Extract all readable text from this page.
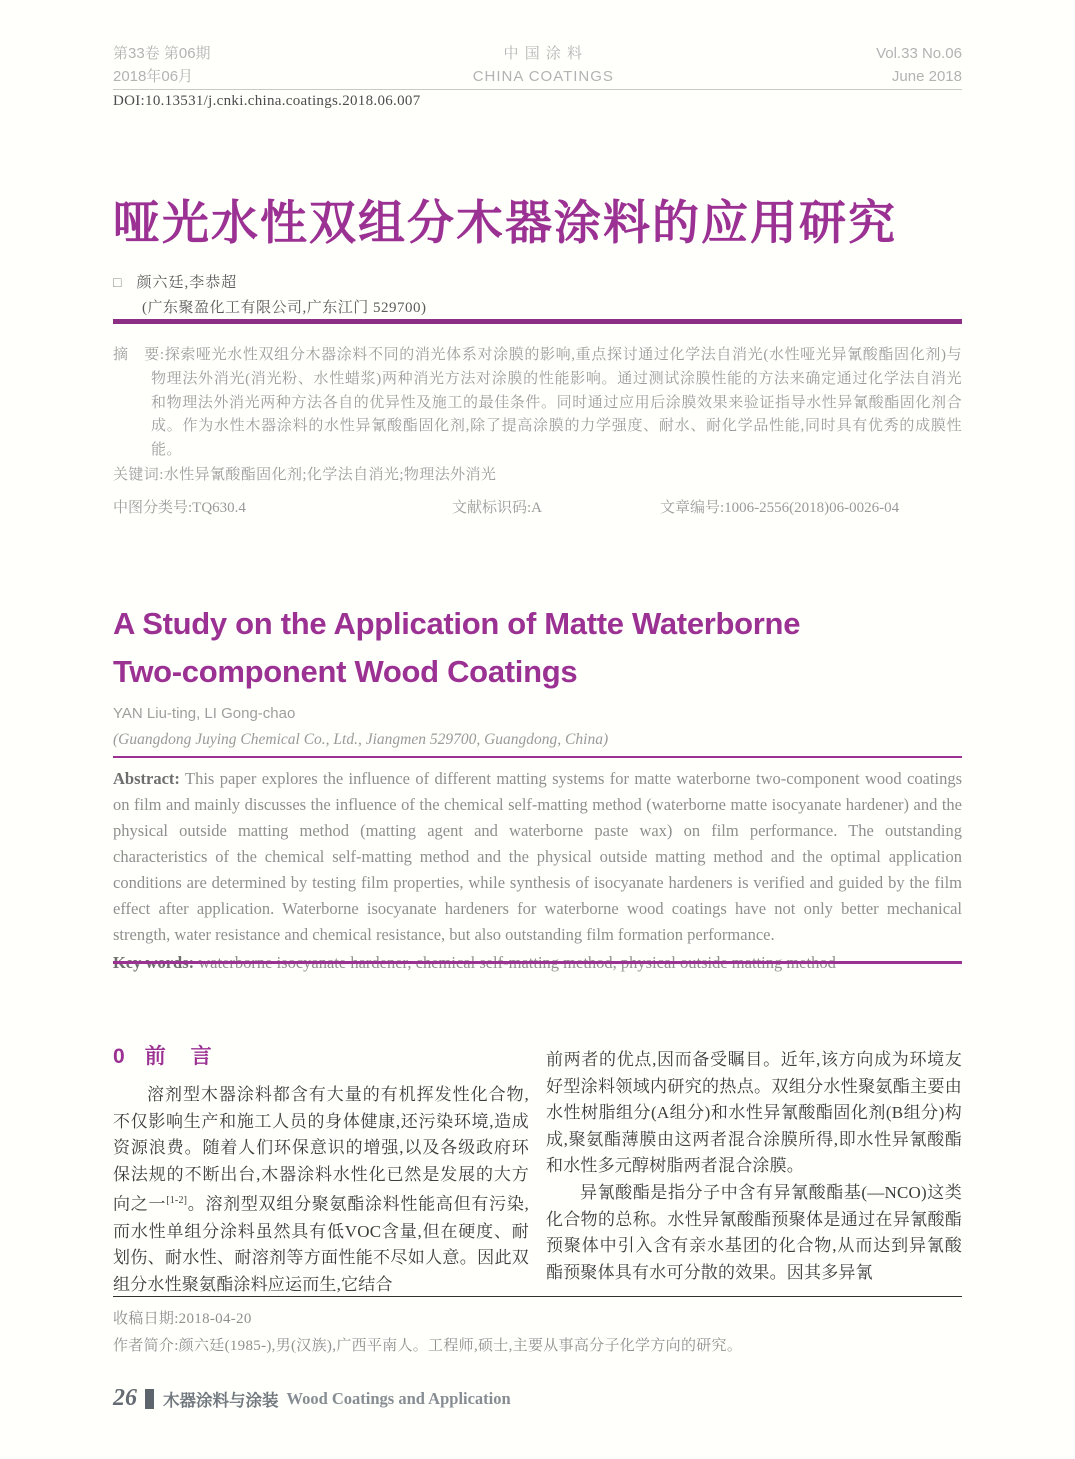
第33卷 第06期
2018年06月
中 国 涂 料
CHINA COATINGS
Vol.33 No.06
June 2018
DOI:10.13531/j.cnki.china.coatings.2018.06.007
哑光水性双组分木器涂料的应用研究
□ 颜六廷,李恭超
(广东聚盈化工有限公司,广东江门 529700)
摘　要:探索哑光水性双组分木器涂料不同的消光体系对涂膜的影响,重点探讨通过化学法自消光(水性哑光异氰酸酯固化剂)与物理法外消光(消光粉、水性蜡浆)两种消光方法对涂膜的性能影响。通过测试涂膜性能的方法来确定通过化学法自消光和物理法外消光两种方法各自的优异性及施工的最佳条件。同时通过应用后涂膜效果来验证指导水性异氰酸酯固化剂合成。作为水性木器涂料的水性异氰酸酯固化剂,除了提高涂膜的力学强度、耐水、耐化学品性能,同时具有优秀的成膜性能。
关键词:水性异氰酸酯固化剂;化学法自消光;物理法外消光
中图分类号:TQ630.4	文献标识码:A	文章编号:1006-2556(2018)06-0026-04
A Study on the Application of Matte Waterborne
Two-component Wood Coatings
YAN Liu-ting, LI Gong-chao
(Guangdong Juying Chemical Co., Ltd., Jiangmen 529700, Guangdong, China)
Abstract: This paper explores the influence of different matting systems for matte waterborne two-component wood coatings on film and mainly discusses the influence of the chemical self-matting method (waterborne matte isocyanate hardener) and the physical outside matting method (matting agent and waterborne paste wax) on film performance. The outstanding characteristics of the chemical self-matting method and the physical outside matting method and the optimal application conditions are determined by testing film properties, while synthesis of isocyanate hardeners is verified and guided by the film effect after application. Waterborne isocyanate hardeners for waterborne wood coatings have not only better mechanical strength, water resistance and chemical resistance, but also outstanding film formation performance.
0 前　言

溶剂型木器涂料都含有大量的有机挥发性化合物,不仅影响生产和施工人员的身体健康,还污染环境,造成资源浪费。随着人们环保意识的增强,以及各级政府环保法规的不断出台,木器涂料水性化已然是发展的大方向之一[1-2]。溶剂型双组分聚氨酯涂料性能高但有污染,而水性单组分涂料虽然具有低VOC含量,但在硬度、耐划伤、耐水性、耐溶剂等方面性能不尽如人意。因此双组分水性聚氨酯涂料应运而生,它结合

前两者的优点,因而备受瞩目。近年,该方向成为环境友好型涂料领域内研究的热点。双组分水性聚氨酯主要由水性树脂组分(A组分)和水性异氰酸酯固化剂(B组分)构成,聚氨酯薄膜由这两者混合涂膜所得,即水性异氰酸酯和水性多元醇树脂两者混合涂膜。

异氰酸酯是指分子中含有异氰酸酯基(—NCO)这类化合物的总称。水性异氰酸酯预聚体是通过在异氰酸酯预聚体中引入含有亲水基团的化合物,从而达到异氰酸酯预聚体具有水可分散的效果。因其多异氰

收稿日期:2018-04-20
作者简介:颜六廷(1985-),男(汉族),广西平南人。工程师,硕士,主要从事高分子化学方向的研究。
26 木器涂料与涂装 Wood Coatings and Application
